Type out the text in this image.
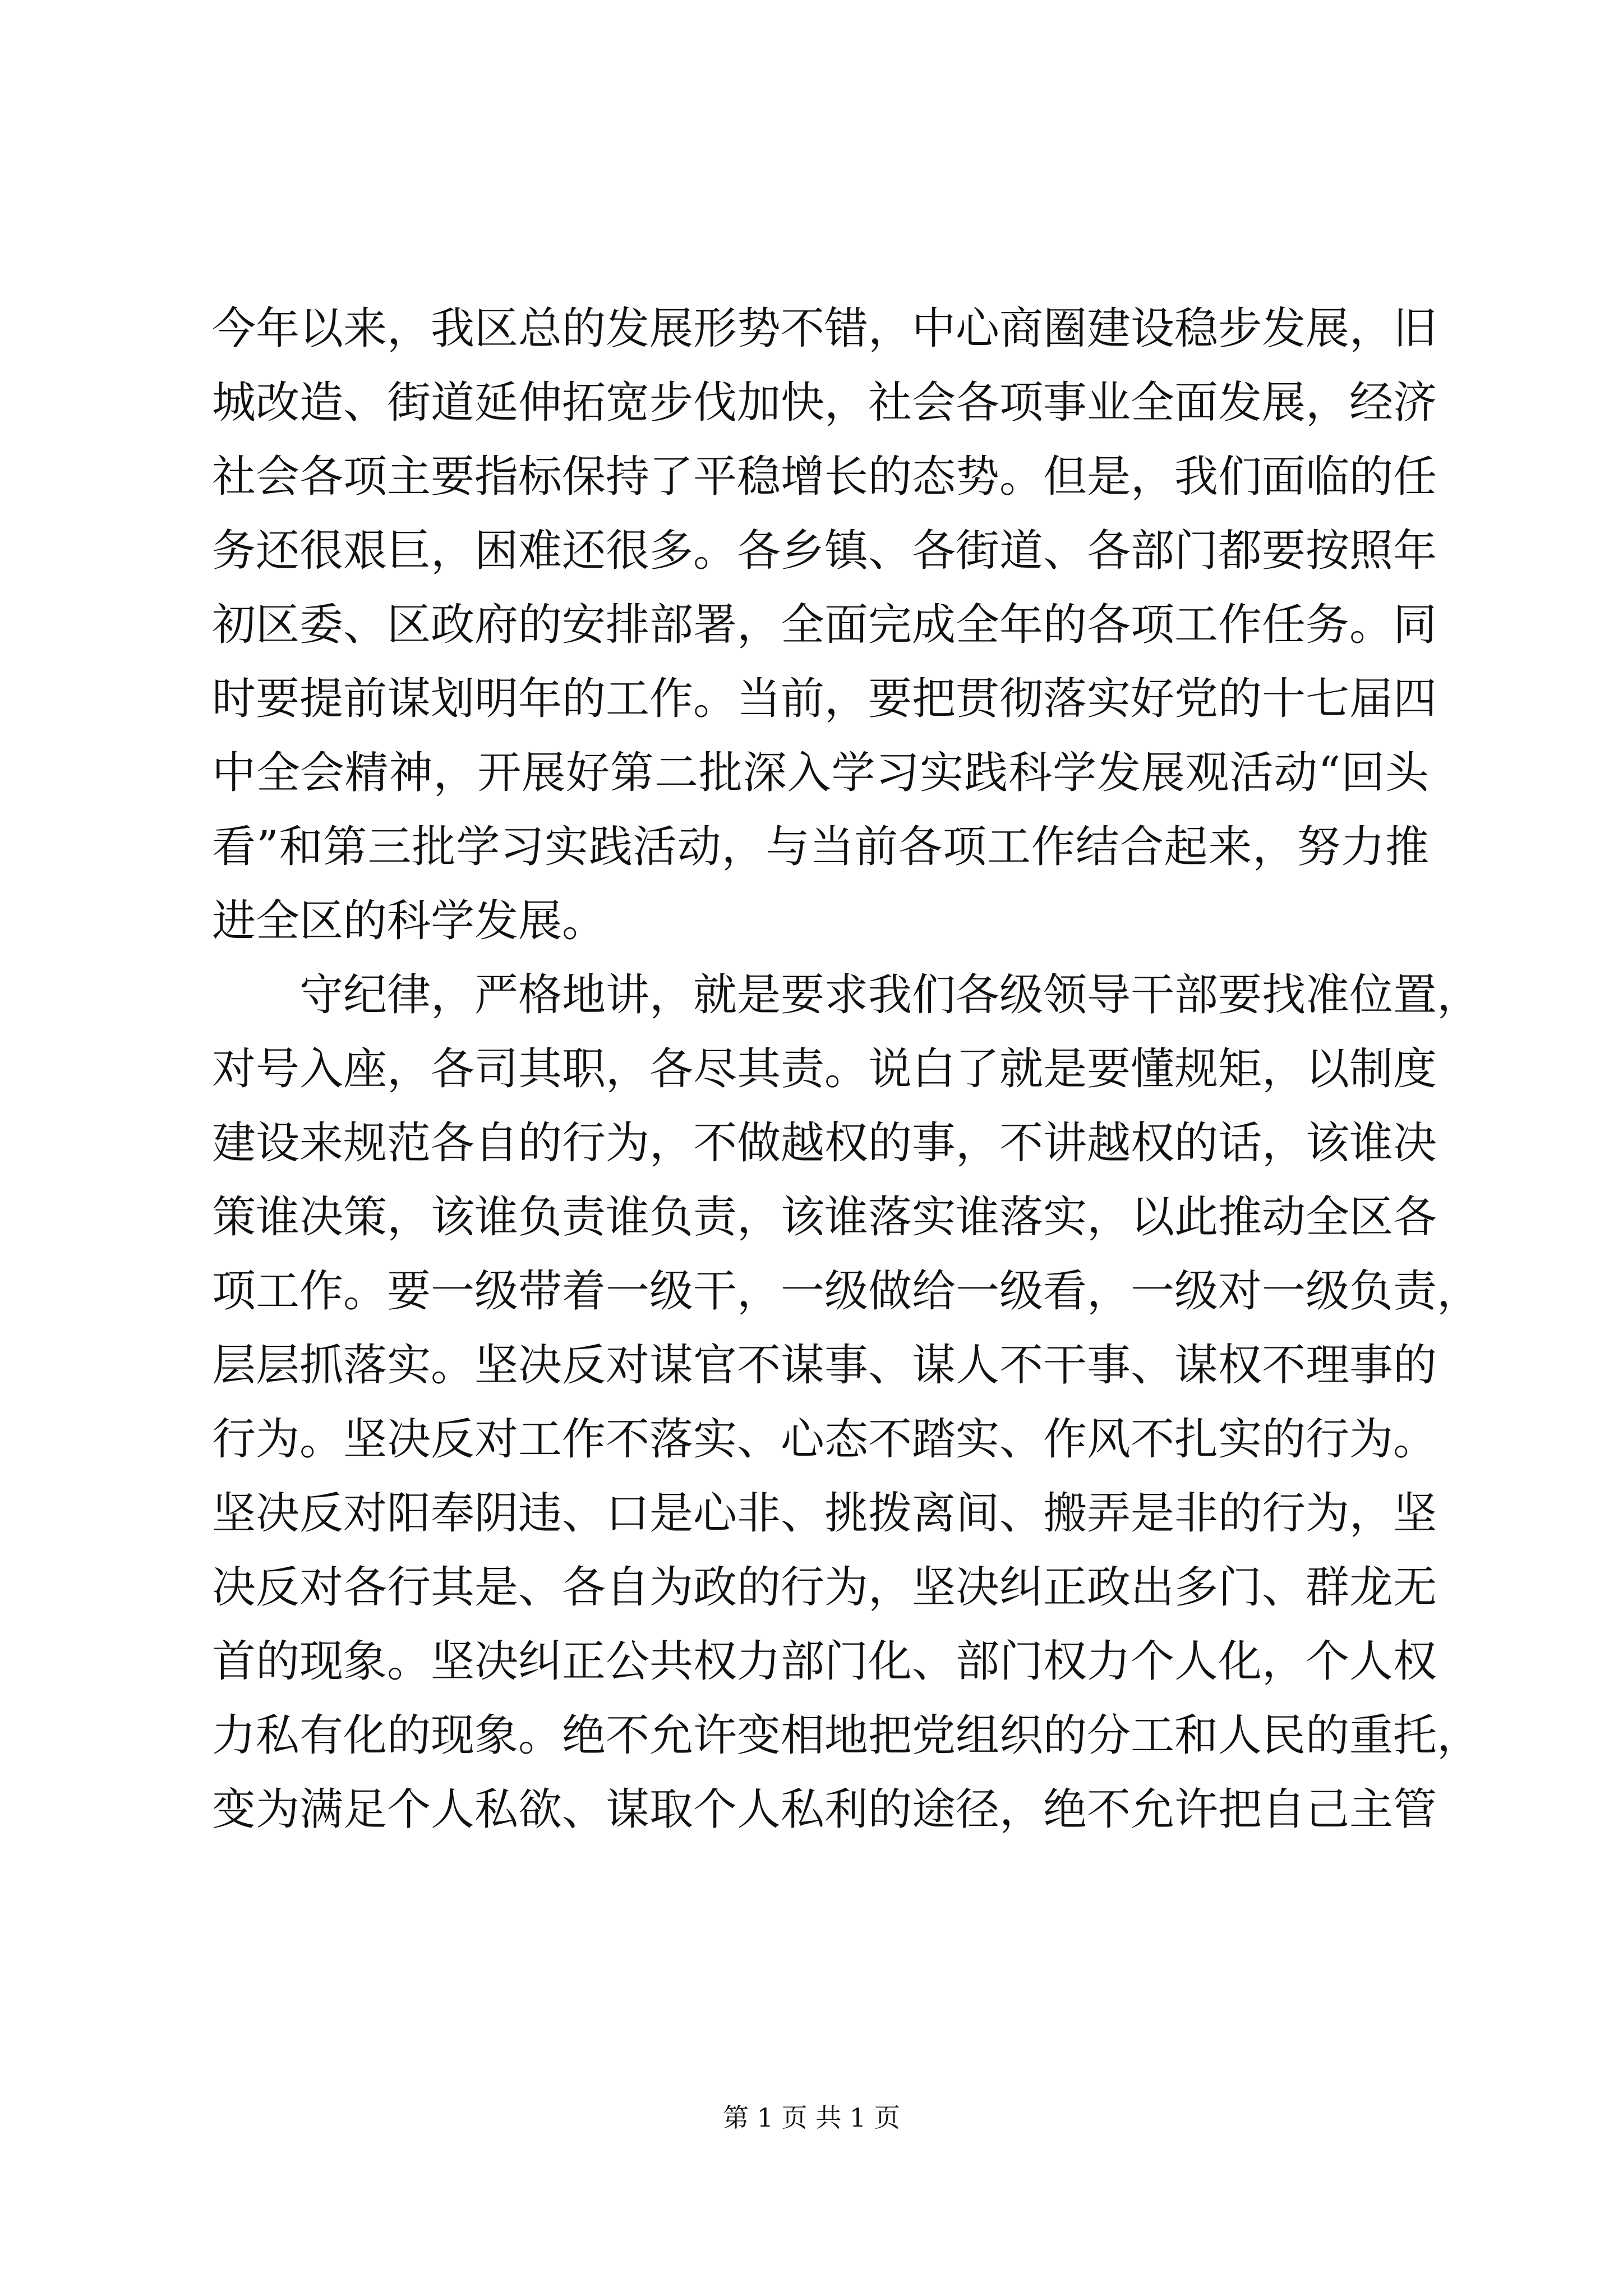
今年以来，我区总的发展形势不错，中心商圈建设稳步发展，旧
城改造、街道延伸拓宽步伐加快，社会各项事业全面发展，经济
社会各项主要指标保持了平稳增长的态势。但是，我们面临的任
务还很艰巨，困难还很多。各乡镇、各街道、各部门都要按照年
初区委、区政府的安排部署，全面完成全年的各项工作任务。同
时要提前谋划明年的工作。当前，要把贯彻落实好党的十七届四
中全会精神，开展好第二批深入学习实践科学发展观活动“回头
看”和第三批学习实践活动，与当前各项工作结合起来，努力推
进全区的科学发展。
守纪律，严格地讲，就是要求我们各级领导干部要找准位置，
对号入座，各司其职，各尽其责。说白了就是要懂规矩，以制度
建设来规范各自的行为，不做越权的事，不讲越权的话，该谁决
策谁决策，该谁负责谁负责，该谁落实谁落实，以此推动全区各
项工作。要一级带着一级干，一级做给一级看，一级对一级负责，
层层抓落实。坚决反对谋官不谋事、谋人不干事、谋权不理事的
行为。坚决反对工作不落实、心态不踏实、作风不扎实的行为。
坚决反对阳奉阴违、口是心非、挑拨离间、搬弄是非的行为，坚
决反对各行其是、各自为政的行为，坚决纠正政出多门、群龙无
首的现象。坚决纠正公共权力部门化、部门权力个人化，个人权
力私有化的现象。绝不允许变相地把党组织的分工和人民的重托，
变为满足个人私欲、谋取个人私利的途径，绝不允许把自己主管
第 1 页 共 1 页
